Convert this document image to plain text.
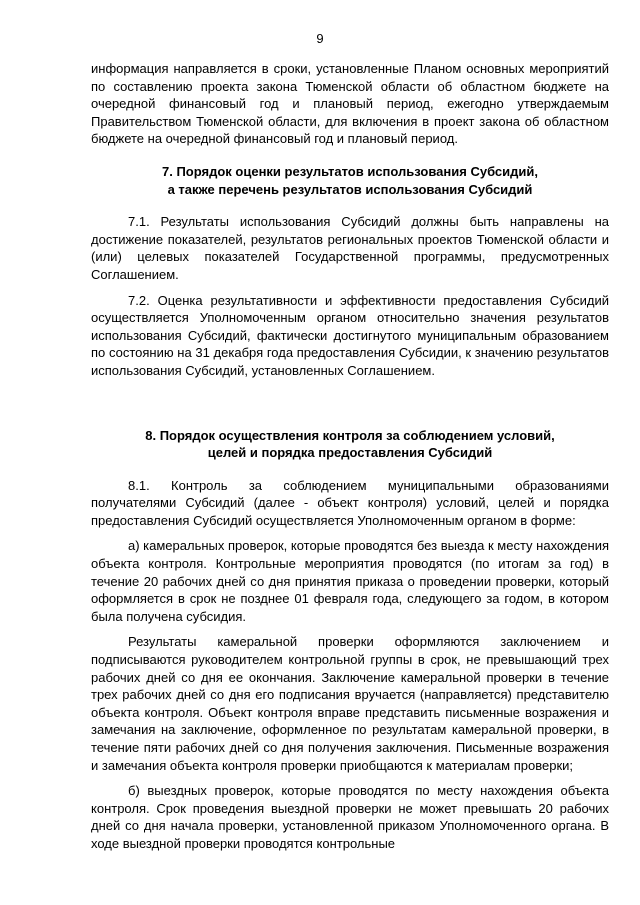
9

информация направляется в сроки, установленные Планом основных мероприятий по составлению проекта закона Тюменской области об областном бюджете на очередной финансовый год и плановый период, ежегодно утверждаемым Правительством Тюменской области, для включения в проект закона об областном бюджете на очередной финансовый год и плановый период.

7. Порядок оценки результатов использования Субсидий,
а также перечень результатов использования Субсидий

7.1. Результаты использования Субсидий должны быть направлены на достижение показателей, результатов региональных проектов Тюменской области и (или) целевых показателей Государственной программы, предусмотренных Соглашением.

7.2. Оценка результативности и эффективности предоставления Субсидий осуществляется Уполномоченным органом относительно значения результатов использования Субсидий, фактически достигнутого муниципальным образованием по состоянию на 31 декабря года предоставления Субсидии, к значению результатов использования Субсидий, установленных Соглашением.

8. Порядок осуществления контроля за соблюдением условий,
целей и порядка предоставления Субсидий

8.1. Контроль за соблюдением муниципальными образованиями получателями Субсидий (далее - объект контроля) условий, целей и порядка предоставления Субсидий осуществляется Уполномоченным органом в форме:

а) камеральных проверок, которые проводятся без выезда к месту нахождения объекта контроля. Контрольные мероприятия проводятся (по итогам за год) в течение 20 рабочих дней со дня принятия приказа о проведении проверки, который оформляется в срок не позднее 01 февраля года, следующего за годом, в котором была получена субсидия.

Результаты камеральной проверки оформляются заключением и подписываются руководителем контрольной группы в срок, не превышающий трех рабочих дней со дня ее окончания. Заключение камеральной проверки в течение трех рабочих дней со дня его подписания вручается (направляется) представителю объекта контроля. Объект контроля вправе представить письменные возражения и замечания на заключение, оформленное по результатам камеральной проверки, в течение пяти рабочих дней со дня получения заключения. Письменные возражения и замечания объекта контроля проверки приобщаются к материалам проверки;

б) выездных проверок, которые проводятся по месту нахождения объекта контроля. Срок проведения выездной проверки не может превышать 20 рабочих дней со дня начала проверки, установленной приказом Уполномоченного органа. В ходе выездной проверки проводятся контрольные
